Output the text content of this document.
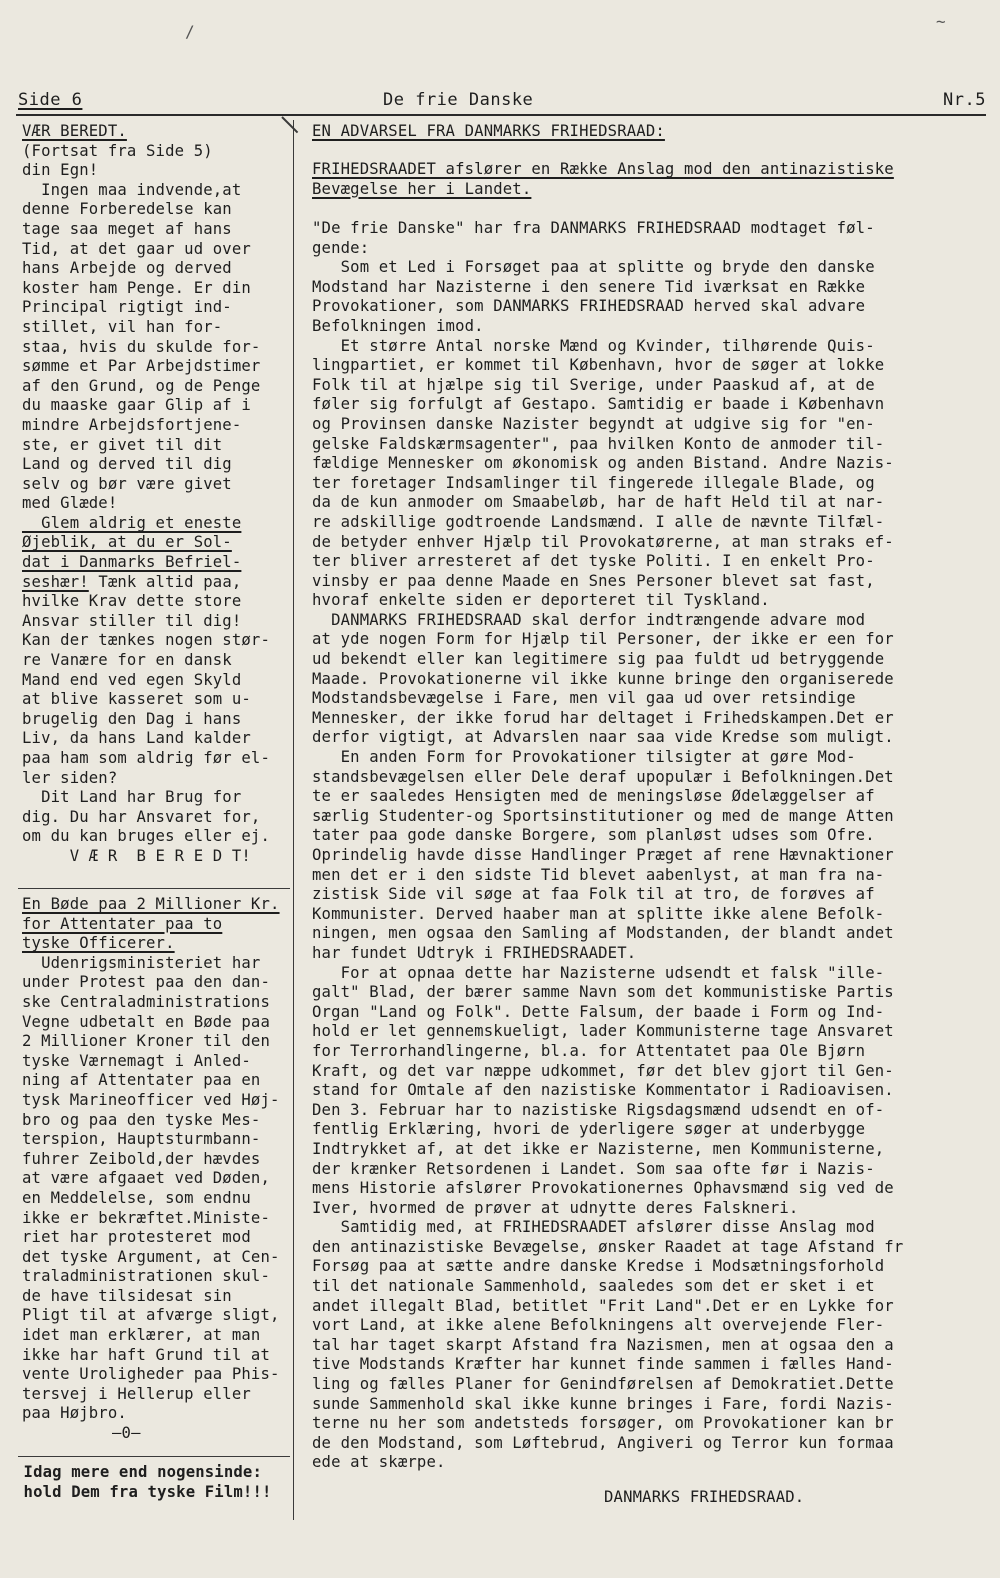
Side 6	De frie Danske	Nr.5
VÆR BEREDT.
(Fortsat fra Side 5)
din Egn!
Ingen maa indvende,at
denne Forberedelse kan
tage saa meget af hans
Tid, at det gaar ud over
hans Arbejde og derved
koster ham Penge. Er din
Principal rigtigt ind-
stillet, vil han for-
staa, hvis du skulde for-
sømme et Par Arbejdstimer
af den Grund, og de Penge
du maaske gaar Glip af i
mindre Arbejdsfortjene-
ste, er givet til dit
Land og derved til dig
selv og bør være givet
med Glæde!
Glem aldrig et eneste
Øjeblik, at du er Sol-
dat i Danmarks Befriel-
seshær! Tænk altid paa,
hvilke Krav dette store
Ansvar stiller til dig!
Kan der tænkes nogen stør-
re Vanære for en dansk
Mand end ved egen Skyld
at blive kasseret som u-
brugelig den Dag i hans
Liv, da hans Land kalder
paa ham som aldrig før el-
ler siden?
Dit Land har Brug for
dig. Du har Ansvaret for,
om du kan bruges eller ej.
V Æ R  B E R E D T!
En Bøde paa 2 Millioner Kr.
for Attentater paa to
tyske Officerer.
Udenrigsministeriet har
under Protest paa den dan-
ske Centraladministrations
Vegne udbetalt en Bøde paa
2 Millioner Kroner til den
tyske Værnemagt i Anled-
ning af Attentater paa en
tysk Marineofficer ved Høj-
bro og paa den tyske Mes-
terspion, Hauptsturmbann-
fuhrer Zeibold,der hævdes
at være afgaaet ved Døden,
en Meddelelse, som endnu
ikke er bekræftet.Ministe-
riet har protesteret mod
det tyske Argument, at Cen-
traladministrationen skul-
de have tilsidesat sin
Pligt til at afværge sligt,
idet man erklærer, at man
ikke har haft Grund til at
vente Uroligheder paa Phis-
tersvej i Hellerup eller
paa Højbro.
—0—
Idag mere end nogensinde:
hold Dem fra tyske Film!!!
EN ADVARSEL FRA DANMARKS FRIHEDSRAAD:
FRIHEDSRAADET afslører en Række Anslag mod den antinazistiske
Bevægelse her i Landet.
"De frie Danske" har fra DANMARKS FRIHEDSRAAD modtaget føl-
gende:
Som et Led i Forsøget paa at splitte og bryde den danske
Modstand har Nazisterne i den senere Tid iværksat en Række
Provokationer, som DANMARKS FRIHEDSRAAD herved skal advare
Befolkningen imod.
Et større Antal norske Mænd og Kvinder, tilhørende Quis-
lingpartiet, er kommet til København, hvor de søger at lokke
Folk til at hjælpe sig til Sverige, under Paaskud af, at de
føler sig forfulgt af Gestapo. Samtidig er baade i København
og Provinsen danske Nazister begyndt at udgive sig for "en-
gelske Faldskærmsagenter", paa hvilken Konto de anmoder til-
fældige Mennesker om økonomisk og anden Bistand. Andre Nazis-
ter foretager Indsamlinger til fingerede illegale Blade, og
da de kun anmoder om Smaabeløb, har de haft Held til at nar-
re adskillige godtroende Landsmænd. I alle de nævnte Tilfæl-
de betyder enhver Hjælp til Provokatørerne, at man straks ef-
ter bliver arresteret af det tyske Politi. I en enkelt Pro-
vinsby er paa denne Maade en Snes Personer blevet sat fast,
hvoraf enkelte siden er deporteret til Tyskland.
DANMARKS FRIHEDSRAAD skal derfor indtrængende advare mod
at yde nogen Form for Hjælp til Personer, der ikke er een for
ud bekendt eller kan legitimere sig paa fuldt ud betryggende
Maade. Provokationerne vil ikke kunne bringe den organiserede
Modstandsbevægelse i Fare, men vil gaa ud over retsindige
Mennesker, der ikke forud har deltaget i Frihedskampen.Det er
derfor vigtigt, at Advarslen naar saa vide Kredse som muligt.
En anden Form for Provokationer tilsigter at gøre Mod-
standsbevægelsen eller Dele deraf upopulær i Befolkningen.Det
te er saaledes Hensigten med de meningsløse Ødelæggelser af
særlig Studenter-og Sportsinstitutioner og med de mange Atten
tater paa gode danske Borgere, som planløst udses som Ofre.
Oprindelig havde disse Handlinger Præget af rene Hævnaktioner
men det er i den sidste Tid blevet aabenlyst, at man fra na-
zistisk Side vil søge at faa Folk til at tro, de forøves af
Kommunister. Derved haaber man at splitte ikke alene Befolk-
ningen, men ogsaa den Samling af Modstanden, der blandt andet
har fundet Udtryk i FRIHEDSRAADET.
For at opnaa dette har Nazisterne udsendt et falsk "ille-
galt" Blad, der bærer samme Navn som det kommunistiske Partis
Organ "Land og Folk". Dette Falsum, der baade i Form og Ind-
hold er let gennemskueligt, lader Kommunisterne tage Ansvaret
for Terrorhandlingerne, bl.a. for Attentatet paa Ole Bjørn
Kraft, og det var næppe udkommet, før det blev gjort til Gen-
stand for Omtale af den nazistiske Kommentator i Radioavisen.
Den 3. Februar har to nazistiske Rigsdagsmænd udsendt en of-
fentlig Erklæring, hvori de yderligere søger at underbygge
Indtrykket af, at det ikke er Nazisterne, men Kommunisterne,
der krænker Retsordenen i Landet. Som saa ofte før i Nazis-
mens Historie afslører Provokationernes Ophavsmænd sig ved de
Iver, hvormed de prøver at udnytte deres Falskneri.
Samtidig med, at FRIHEDSRAADET afslører disse Anslag mod
den antinazistiske Bevægelse, ønsker Raadet at tage Afstand fr
Forsøg paa at sætte andre danske Kredse i Modsætningsforhold
til det nationale Sammenhold, saaledes som det er sket i et
andet illegalt Blad, betitlet "Frit Land".Det er en Lykke for
vort Land, at ikke alene Befolkningens alt overvejende Fler-
tal har taget skarpt Afstand fra Nazismen, men at ogsaa den a
tive Modstands Kræfter har kunnet finde sammen i fælles Hand-
ling og fælles Planer for Genindførelsen af Demokratiet.Dette
sunde Sammenhold skal ikke kunne bringes i Fare, fordi Nazis-
terne nu her som andetsteds forsøger, om Provokationer kan br
de den Modstand, som Løftebrud, Angiveri og Terror kun formaa
ede at skærpe.
DANMARKS FRIHEDSRAAD.
/
~
